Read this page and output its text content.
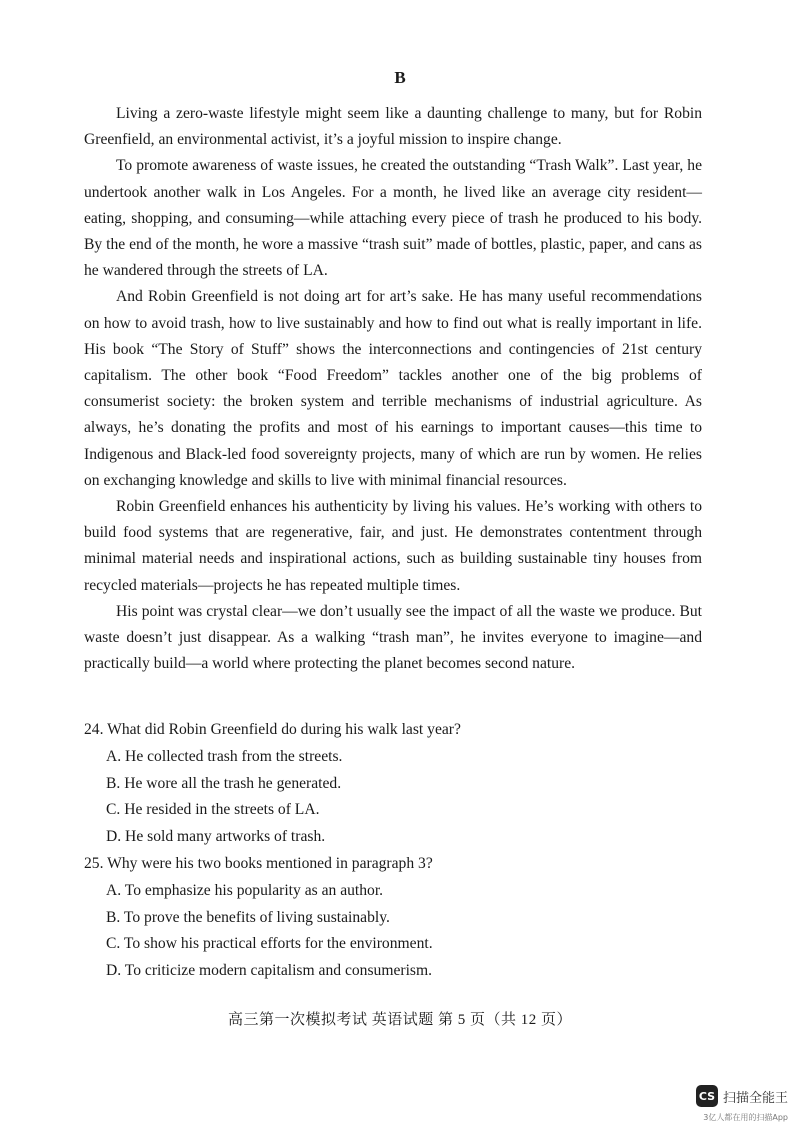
B

Living a zero-waste lifestyle might seem like a daunting challenge to many, but for Robin Greenfield, an environmental activist, it’s a joyful mission to inspire change.

To promote awareness of waste issues, he created the outstanding “Trash Walk”. Last year, he undertook another walk in Los Angeles. For a month, he lived like an average city resident—eating, shopping, and consuming—while attaching every piece of trash he produced to his body. By the end of the month, he wore a massive “trash suit” made of bottles, plastic, paper, and cans as he wandered through the streets of LA.

And Robin Greenfield is not doing art for art’s sake. He has many useful recommendations on how to avoid trash, how to live sustainably and how to find out what is really important in life. His book “The Story of Stuff” shows the interconnections and contingencies of 21st century capitalism. The other book “Food Freedom” tackles another one of the big problems of consumerist society: the broken system and terrible mechanisms of industrial agriculture. As always, he’s donating the profits and most of his earnings to important causes—this time to Indigenous and Black-led food sovereignty projects, many of which are run by women. He relies on exchanging knowledge and skills to live with minimal financial resources.

Robin Greenfield enhances his authenticity by living his values. He’s working with others to build food systems that are regenerative, fair, and just. He demonstrates contentment through minimal material needs and inspirational actions, such as building sustainable tiny houses from recycled materials—projects he has repeated multiple times.

His point was crystal clear—we don’t usually see the impact of all the waste we produce. But waste doesn’t just disappear. As a walking “trash man”, he invites everyone to imagine—and practically build—a world where protecting the planet becomes second nature.

24. What did Robin Greenfield do during his walk last year?

A. He collected trash from the streets.
B. He wore all the trash he generated.
C. He resided in the streets of LA.
D. He sold many artworks of trash.

25. Why were his two books mentioned in paragraph 3?

A. To emphasize his popularity as an author.
B. To prove the benefits of living sustainably.
C. To show his practical efforts for the environment.
D. To criticize modern capitalism and consumerism.
高三第一次模拟考试 英语试题 第 5 页（共 12 页）
CS 扫描全能王
3亿人都在用的扫描App
